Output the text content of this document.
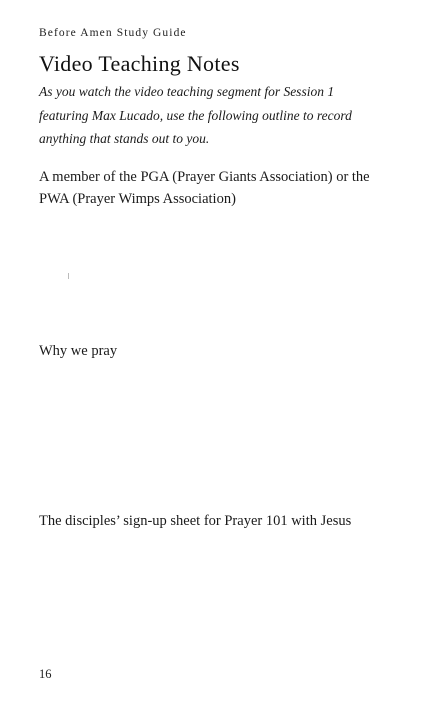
Before Amen Study Guide
Video Teaching Notes
As you watch the video teaching segment for Session 1 featuring Max Lucado, use the following outline to record anything that stands out to you.
A member of the PGA (Prayer Giants Association) or the PWA (Prayer Wimps Association)
Why we pray
The disciples’ sign-up sheet for Prayer 101 with Jesus
16
